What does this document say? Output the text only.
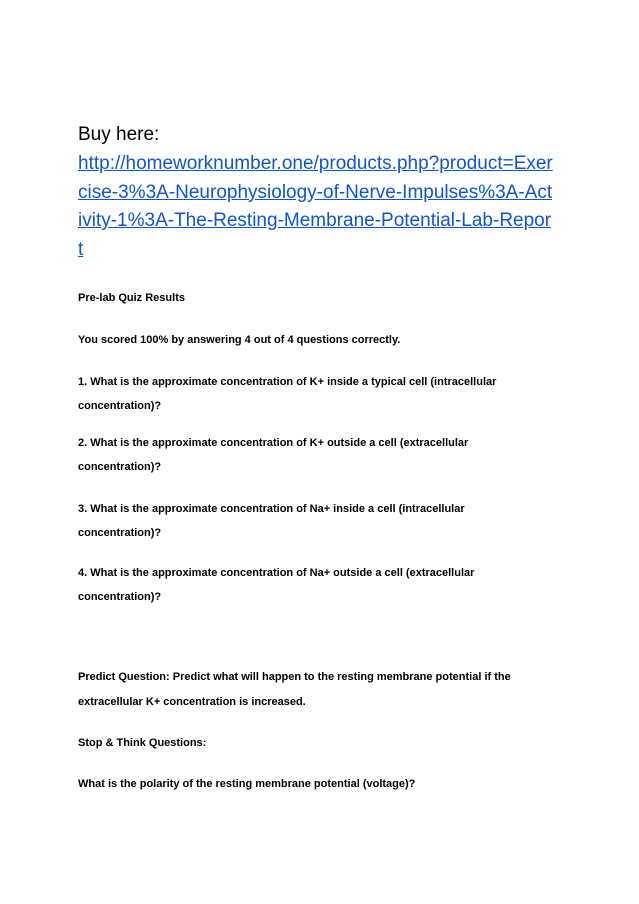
Buy here:
http://homeworknumber.one/products.php?product=Exer
cise-3%3A-Neurophysiology-of-Nerve-Impulses%3A-Act
ivity-1%3A-The-Resting-Membrane-Potential-Lab-Repor
t
Pre-lab Quiz Results
You scored 100% by answering 4 out of 4 questions correctly.
1. What is the approximate concentration of K+ inside a typical cell (intracellular
concentration)?
2. What is the approximate concentration of K+ outside a cell (extracellular
concentration)?
3. What is the approximate concentration of Na+ inside a cell (intracellular
concentration)?
4. What is the approximate concentration of Na+ outside a cell (extracellular
concentration)?
Predict Question: Predict what will happen to the resting membrane potential if the
extracellular K+ concentration is increased.
Stop & Think Questions:
What is the polarity of the resting membrane potential (voltage)?
